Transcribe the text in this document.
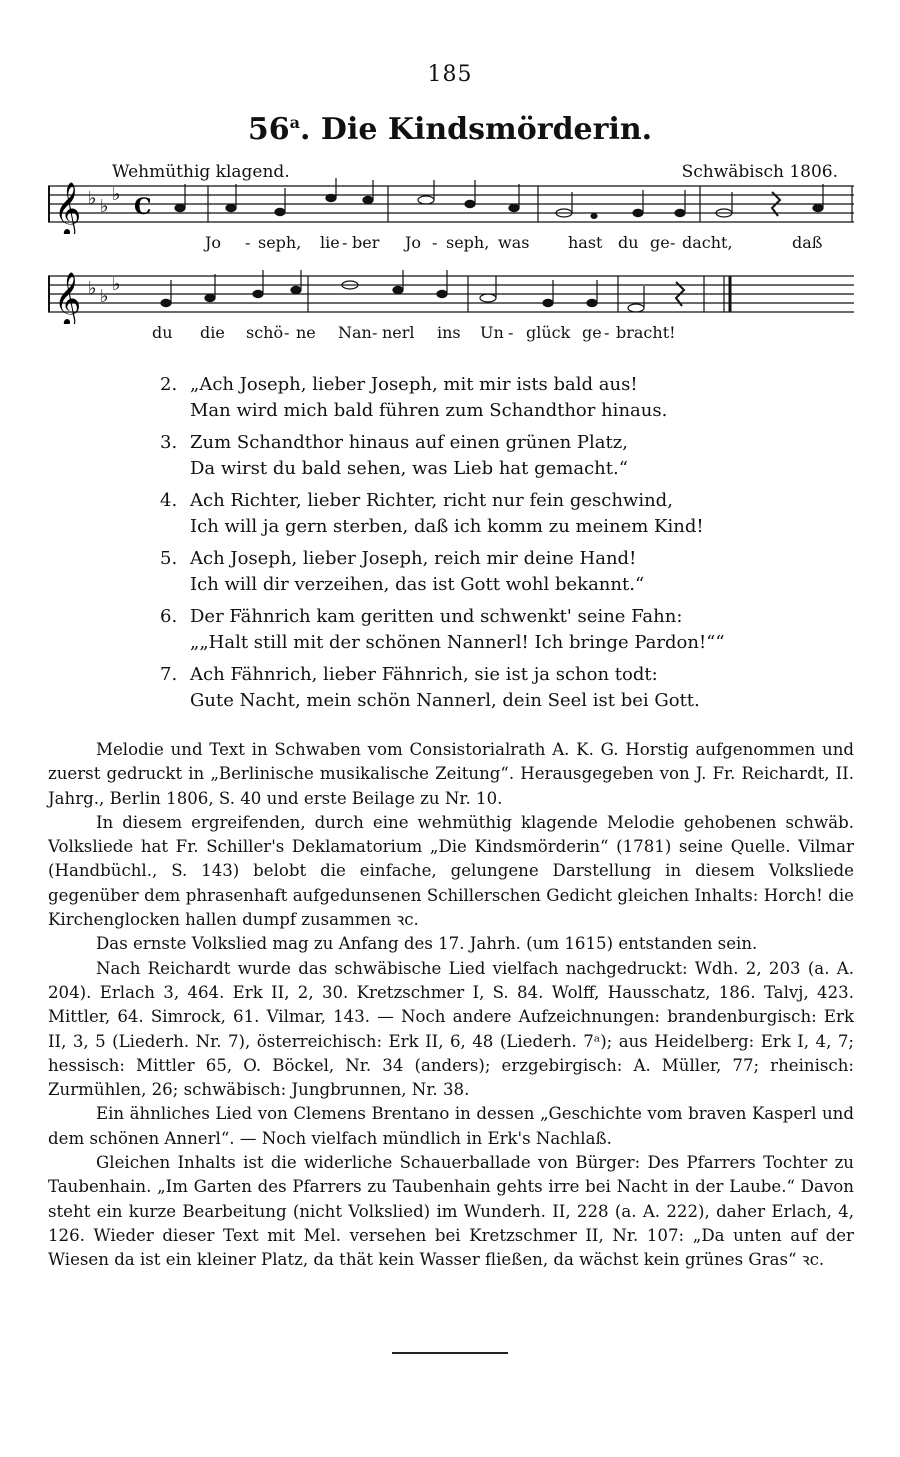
185
56$^a$. Die Kindsmörderin.
Wehmüthig klagend.	Schwäbisch 1806.
𝄞 ♭ ♭
♭ C
Jo - seph, lie - ber Jo - seph, was hast du ge - dacht,	daß
𝄞 ♭ ♭
♭
du die schö - ne Nan - nerl ins Un - glück ge - bracht!
2. „Ach Joseph, lieber Joseph, mit mir ists bald aus!
Man wird mich bald führen zum Schandthor hinaus.
3. Zum Schandthor hinaus auf einen grünen Platz,
Da wirst du bald sehen, was Lieb hat gemacht.“
4. Ach Richter, lieber Richter, richt nur fein geschwind,
Ich will ja gern sterben, daß ich komm zu meinem Kind!
5. Ach Joseph, lieber Joseph, reich mir deine Hand!
Ich will dir verzeihen, das ist Gott wohl bekannt.“
6. Der Fähnrich kam geritten und schwenkt' seine Fahn:
„„Halt still mit der schönen Nannerl! Ich bringe Pardon!““
7. Ach Fähnrich, lieber Fähnrich, sie ist ja schon todt:
Gute Nacht, mein schön Nannerl, dein Seel ist bei Gott.

Melodie und Text in Schwaben vom Consistorialrath A. K. G. Horstig aufgenommen und zuerst gedruckt in „Berlinische musikalische Zeitung“. Herausgegeben von J. Fr. Reichardt, II. Jahrg., Berlin 1806, S. 40 und erste Beilage zu Nr. 10.

In diesem ergreifenden, durch eine wehmüthig klagende Melodie gehobenen schwäb. Volksliede hat Fr. Schiller's Deklamatorium „Die Kindsmörderin“ (1781) seine Quelle. Vilmar (Handbüchl., S. 143) belobt die einfache, gelungene Darstellung in diesem Volksliede gegenüber dem phrasenhaft aufgedunsenen Schillerschen Gedicht gleichen Inhalts: Horch! die Kirchenglocken hallen dumpf zusammen ꝛc.

Das ernste Volkslied mag zu Anfang des 17. Jahrh. (um 1615) entstanden sein.

Nach Reichardt wurde das schwäbische Lied vielfach nachgedruckt: Wdh. 2, 203 (a. A. 204). Erlach 3, 464. Erk II, 2, 30. Kretzschmer I, S. 84. Wolff, Hausschatz, 186. Talvj, 423. Mittler, 64. Simrock, 61. Vilmar, 143. — Noch andere Aufzeichnungen: brandenburgisch: Erk II, 3, 5 (Liederh. Nr. 7), österreichisch: Erk II, 6, 48 (Liederh. 7ᵃ); aus Heidelberg: Erk I, 4, 7; hessisch: Mittler 65, O. Böckel, Nr. 34 (anders); erzgebirgisch: A. Müller, 77; rheinisch: Zurmühlen, 26; schwäbisch: Jungbrunnen, Nr. 38.

Ein ähnliches Lied von Clemens Brentano in dessen „Geschichte vom braven Kasperl und dem schönen Annerl“. — Noch vielfach mündlich in Erk's Nachlaß.

Gleichen Inhalts ist die widerliche Schauerballade von Bürger: Des Pfarrers Tochter zu Taubenhain. „Im Garten des Pfarrers zu Taubenhain gehts irre bei Nacht in der Laube.“ Davon steht ein kurze Bearbeitung (nicht Volkslied) im Wunderh. II, 228 (a. A. 222), daher Erlach, 4, 126. Wieder dieser Text mit Mel. versehen bei Kretzschmer II, Nr. 107: „Da unten auf der Wiesen da ist ein kleiner Platz, da thät kein Wasser fließen, da wächst kein grünes Gras“ ꝛc.
